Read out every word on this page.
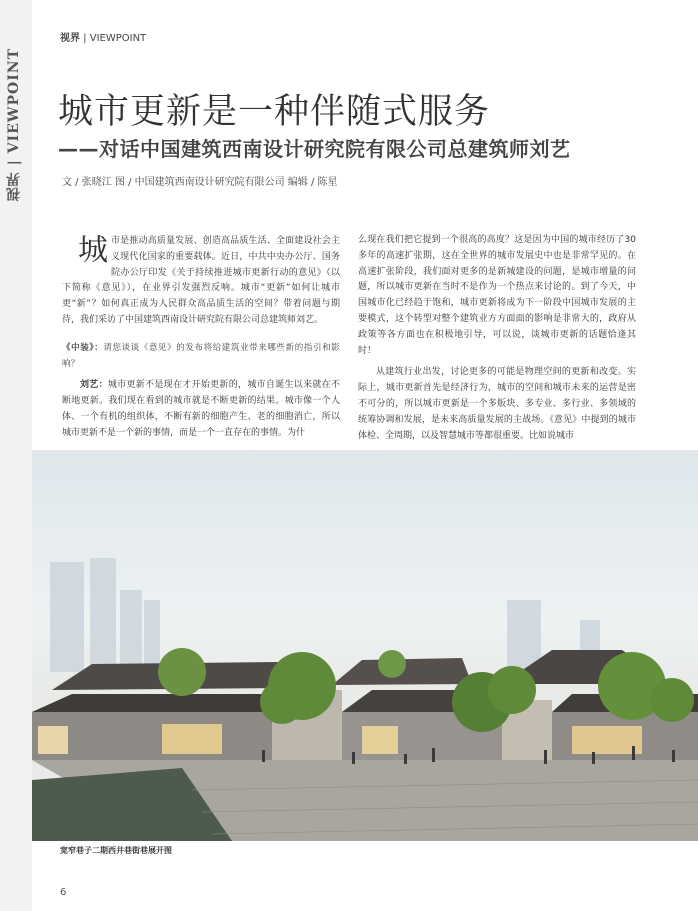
视界 | VIEWPOINT
视界 | VIEWPOINT
城市更新是一种伴随式服务
——对话中国建筑西南设计研究院有限公司总建筑师刘艺
文 / 张晓江 图 / 中国建筑西南设计研究院有限公司 编辑 / 陈星

城市是推动高质量发展、创造高品质生活、全面建设社会主义现代化国家的重要载体。近日，中共中央办公厅、国务院办公厅印发《关于持续推进城市更新行动的意见》（以下简称《意见》），在业界引发强烈反响。城市“更新”如何让城市更“新”？如何真正成为人民群众高品质生活的空间？带着问题与期待，我们采访了中国建筑西南设计研究院有限公司总建筑师刘艺。

《中装》：请您谈谈《意见》的发布将给建筑业带来哪些新的指引和影响？

刘艺：城市更新不是现在才开始更新的，城市自诞生以来就在不断地更新。我们现在看到的城市就是不断更新的结果。城市像一个人体、一个有机的组织体，不断有新的细胞产生、老的细胞消亡，所以城市更新不是一个新的事情，而是一个一直存在的事情。为什

么现在我们把它提到一个很高的高度？这是因为中国的城市经历了30多年的高速扩张期，这在全世界的城市发展史中也是非常罕见的。在高速扩张阶段，我们面对更多的是新城建设的问题，是城市增量的问题，所以城市更新在当时不是作为一个热点来讨论的。到了今天，中国城市化已经趋于饱和，城市更新将成为下一阶段中国城市发展的主要模式，这个转型对整个建筑业方方面面的影响是非常大的，政府从政策等各方面也在积极地引导，可以说，谈城市更新的话题恰逢其时！

从建筑行业出发，讨论更多的可能是物理空间的更新和改变。实际上，城市更新首先是经济行为，城市的空间和城市未来的运营是密不可分的，所以城市更新是一个多版块、多专业、多行业、多领域的统筹协调和发展，是未来高质量发展的主战场。《意见》中提到的城市体检、全周期，以及智慧城市等都很重要。比如说城市

宽窄巷子二期西井巷街巷展开图
6
